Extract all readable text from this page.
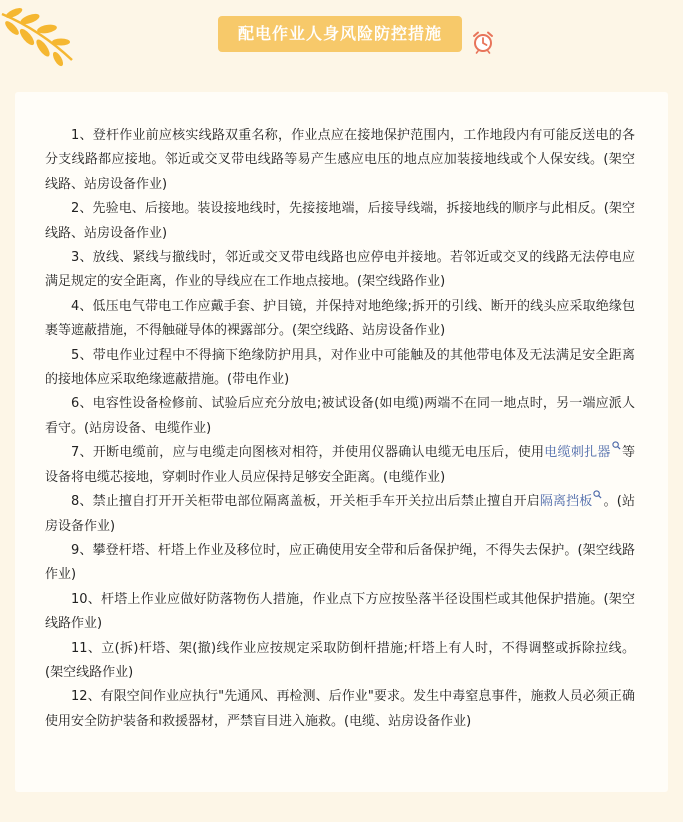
配电作业人身风险防控措施

1、登杆作业前应核实线路双重名称，作业点应在接地保护范围内，工作地段内有可能反送电的各分支线路都应接地。邻近或交叉带电线路等易产生感应电压的地点应加装接地线或个人保安线。(架空线路、站房设备作业)

2、先验电、后接地。装设接地线时，先接接地端，后接导线端，拆接地线的顺序与此相反。(架空线路、站房设备作业)

3、放线、紧线与撤线时，邻近或交叉带电线路也应停电并接地。若邻近或交叉的线路无法停电应满足规定的安全距离，作业的导线应在工作地点接地。(架空线路作业)

4、低压电气带电工作应戴手套、护目镜，并保持对地绝缘;拆开的引线、断开的线头应采取绝缘包裹等遮蔽措施，不得触碰导体的裸露部分。(架空线路、站房设备作业)

5、带电作业过程中不得摘下绝缘防护用具，对作业中可能触及的其他带电体及无法满足安全距离的接地体应采取绝缘遮蔽措施。(带电作业)

6、电容性设备检修前、试验后应充分放电;被试设备(如电缆)两端不在同一地点时，另一端应派人看守。(站房设备、电缆作业)

7、开断电缆前，应与电缆走向图核对相符，并使用仪器确认电缆无电压后，使用电缆刺扎器 等设备将电缆芯接地，穿刺时作业人员应保持足够安全距离。(电缆作业)

8、禁止擅自打开开关柜带电部位隔离盖板，开关柜手车开关拉出后禁止擅自开启隔离挡板 。(站房设备作业)

9、攀登杆塔、杆塔上作业及移位时，应正确使用安全带和后备保护绳，不得失去保护。(架空线路作业)

10、杆塔上作业应做好防落物伤人措施，作业点下方应按坠落半径设围栏或其他保护措施。(架空线路作业)

11、立(拆)杆塔、架(撤)线作业应按规定采取防倒杆措施;杆塔上有人时，不得调整或拆除拉线。(架空线路作业)

12、有限空间作业应执行"先通风、再检测、后作业"要求。发生中毒窒息事件，施救人员必须正确使用安全防护装备和救援器材，严禁盲目进入施救。(电缆、站房设备作业)
